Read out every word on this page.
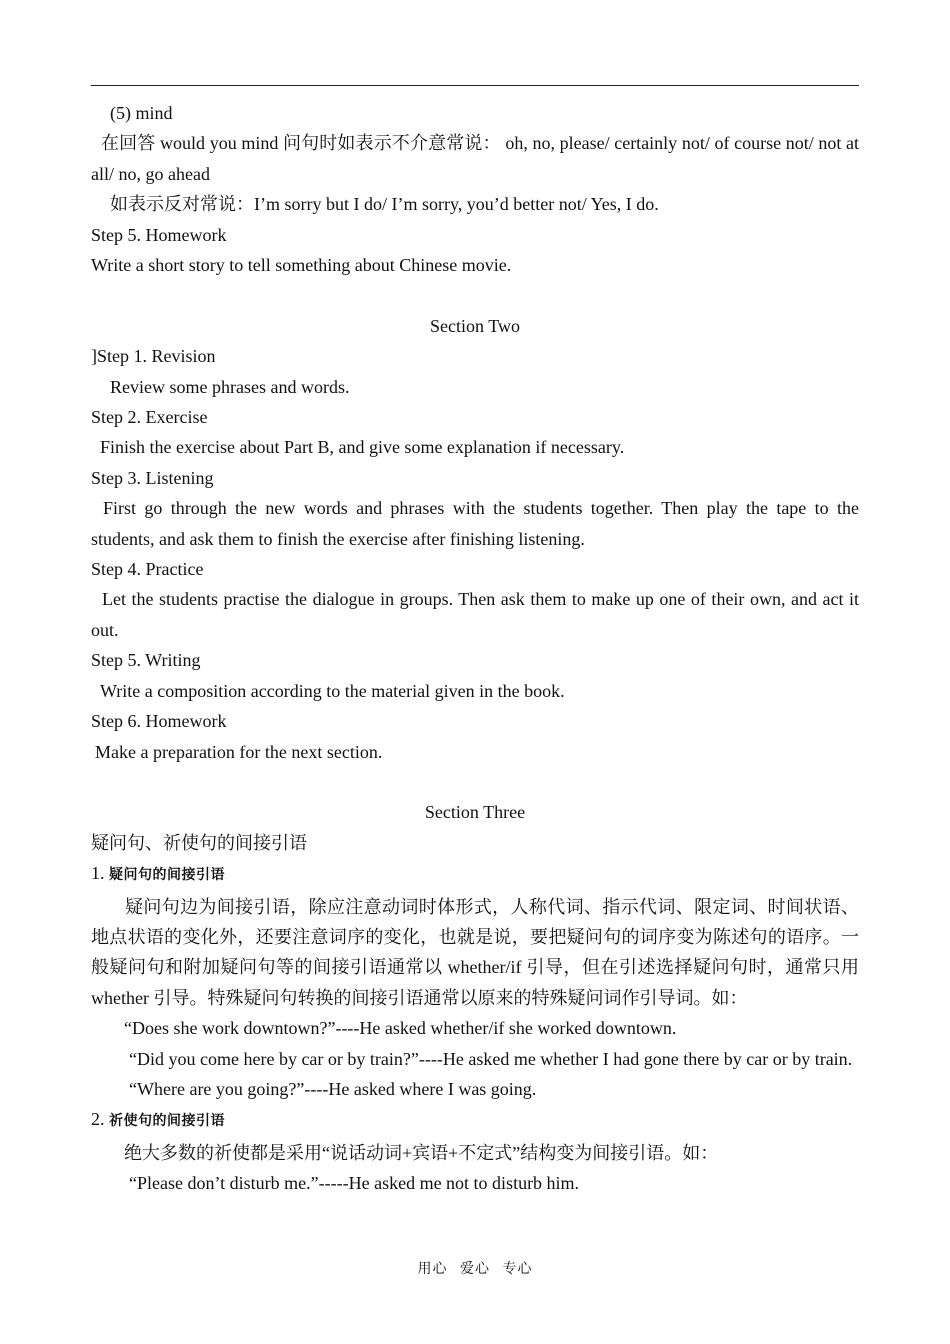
(5) mind
在回答 would you mind 问句时如表示不介意常说： oh, no, please/ certainly not/ of course not/ not at all/ no, go ahead
如表示反对常说：I’m sorry but I do/ I’m sorry, you’d better not/ Yes, I do.
Step 5. Homework
Write a short story to tell something about Chinese movie.
Section Two
]Step 1. Revision
Review some phrases and words.
Step 2. Exercise
Finish the exercise about Part B, and give some explanation if necessary.
Step 3. Listening
First go through the new words and phrases with the students together. Then play the tape to the students, and ask them to finish the exercise after finishing listening.
Step 4. Practice
Let the students practise the dialogue in groups. Then ask them to make up one of their own, and act it out.
Step 5. Writing
Write a composition according to the material given in the book.
Step 6. Homework
Make a preparation for the next section.
Section Three
疑问句、祈使句的间接引语
1. 疑问句的间接引语
疑问句边为间接引语，除应注意动词时体形式，人称代词、指示代词、限定词、时间状语、地点状语的变化外，还要注意词序的变化，也就是说，要把疑问句的词序变为陈述句的语序。一般疑问句和附加疑问句等的间接引语通常以 whether/if 引导，但在引述选择疑问句时，通常只用 whether 引导。特殊疑问句转换的间接引语通常以原来的特殊疑问词作引导词。如：
“Does she work downtown?”----He asked whether/if she worked downtown.
“Did you come here by car or by train?”----He asked me whether I had gone there by car or by train.
“Where are you going?”----He asked where I was going.
2. 祈使句的间接引语
绝大多数的祈使都是采用“说话动词+宾语+不定式”结构变为间接引语。如：
“Please don’t disturb me.”-----He asked me not to disturb him.
用心 爱心 专心
